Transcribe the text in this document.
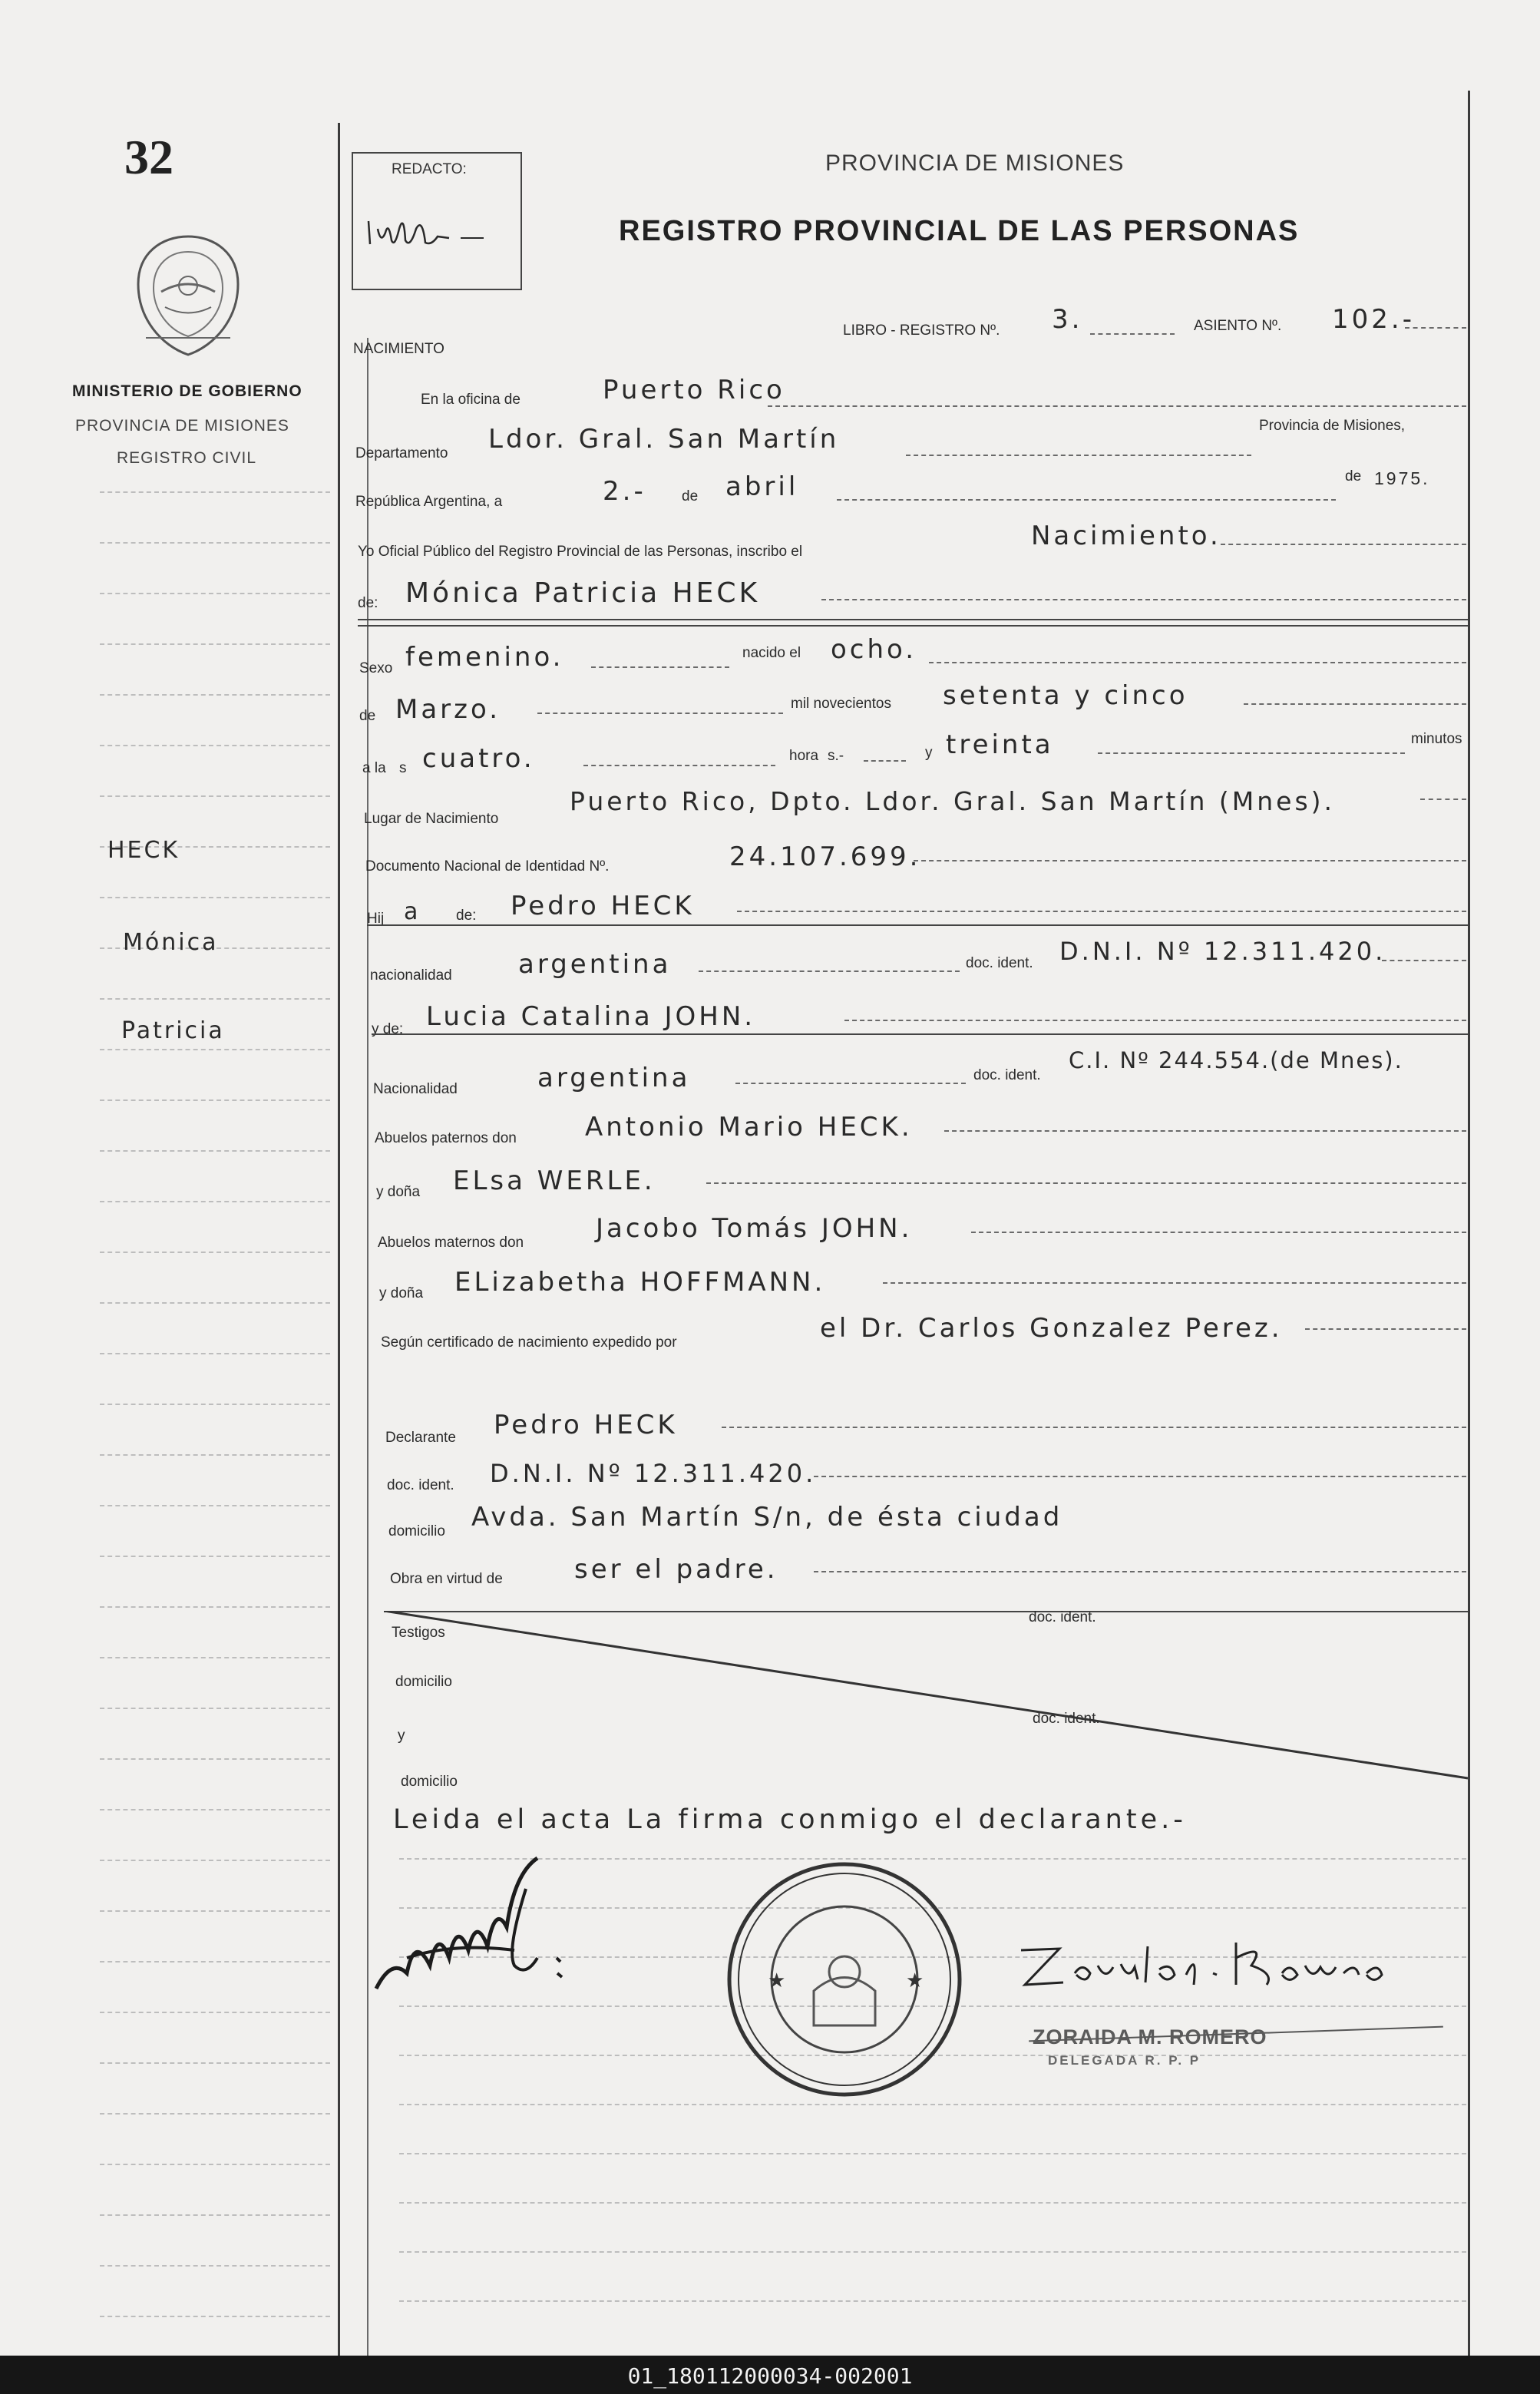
32
MINISTERIO DE GOBIERNO
PROVINCIA DE MISIONES
REGISTRO CIVIL
REDACTO:	PROVINCIA DE MISIONES
REGISTRO PROVINCIAL DE LAS PERSONAS
NACIMIENTO
LIBRO - REGISTRO Nº. 3.	ASIENTO Nº. 102.-
HECK
Mónica
Patricia
En la oficina de	Puerto Rico
Departamento Ldor. Gral. San Martín	Provincia de Misiones,
República Argentina, a	2.- de abril	de 1975.
Yo Oficial Público del Registro Provincial de las Personas, inscribo el
Nacimiento.
de: Mónica Patricia HECK
Sexo femenino.	nacido el ocho.
de Marzo.	mil novecientos setenta y cinco
a la s cuatro.	hora s.-	y treinta	minutos
Lugar de Nacimiento
Puerto Rico, Dpto. Ldor. Gral. San Martín (Mnes).
Documento Nacional de Identidad Nº.	24.107.699.
Hij a de: Pedro HECK
nacionalidad	argentina	doc. ident. D.N.I. Nº 12.311.420.
y de: Lucia Catalina JOHN.
Nacionalidad	argentina	doc. ident.
C.I. Nº 244.554.(de Mnes).
Abuelos paternos don	Antonio Mario HECK.
y doña ELsa WERLE.
Abuelos maternos don	Jacobo Tomás JOHN.
y doña ELizabetha HOFFMANN.
Según certificado de nacimiento expedido por	el Dr. Carlos Gonzalez Perez.
Declarante Pedro HECK
doc. ident. D.N.I. Nº 12.311.420.
domicilio Avda. San Martín S/n, de ésta ciudad
Obra en virtud de	ser el padre.
Testigos
doc. ident.
domicilio
y
doc. ident.
domicilio
Leida el acta La firma conmigo el declarante.-
★	★
ZORAIDA M. ROMERO
DELEGADA R. P. P
01_180112000034-002001
